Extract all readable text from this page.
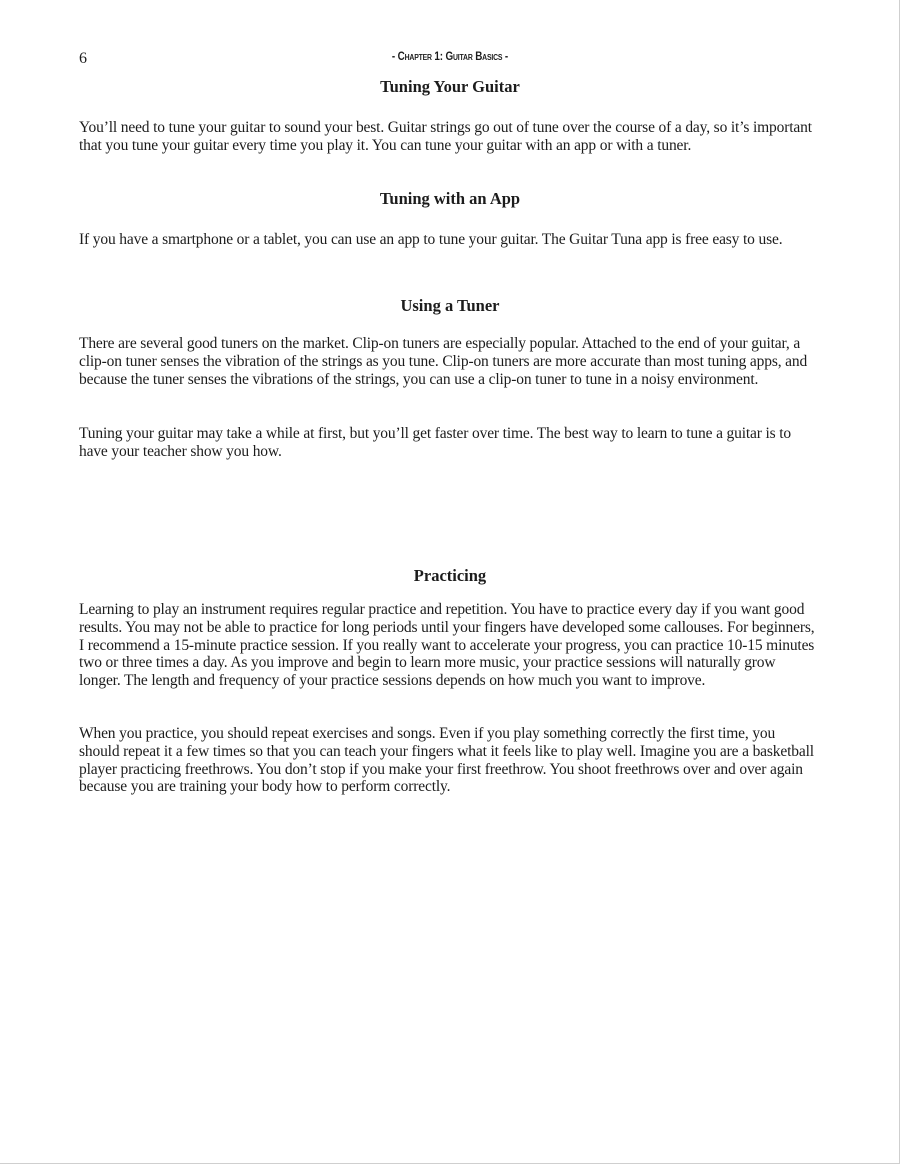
6	- Chapter 1: Guitar Basics -
Tuning Your Guitar

You’ll need to tune your guitar to sound your best. Guitar strings go out of tune over the course of a day, so it’s important that you tune your guitar every time you play it. You can tune your guitar with an app or with a tuner.

Tuning with an App

If you have a smartphone or a tablet, you can use an app to tune your guitar. The Guitar Tuna app is free easy to use.

Using a Tuner

There are several good tuners on the market. Clip-on tuners are especially popular. Attached to the end of your guitar, a clip-on tuner senses the vibration of the strings as you tune. Clip-on tuners are more accurate than most tuning apps, and because the tuner senses the vibrations of the strings, you can use a clip-on tuner to tune in a noisy environment.

Tuning your guitar may take a while at first, but you’ll get faster over time. The best way to learn to tune a guitar is to have your teacher show you how.

Practicing

Learning to play an instrument requires regular practice and repetition. You have to practice every day if you want good results. You may not be able to practice for long periods until your fingers have developed some callouses. For beginners, I recommend a 15-minute practice session. If you really want to accelerate your progress, you can practice 10-15 minutes two or three times a day. As you improve and begin to learn more music, your practice sessions will naturally grow longer. The length and frequency of your practice sessions depends on how much you want to improve.

When you practice, you should repeat exercises and songs. Even if you play something correctly the first time, you should repeat it a few times so that you can teach your fingers what it feels like to play well. Imagine you are a basketball player practicing freethrows. You don’t stop if you make your first freethrow. You shoot freethrows over and over again because you are training your body how to perform correctly.
